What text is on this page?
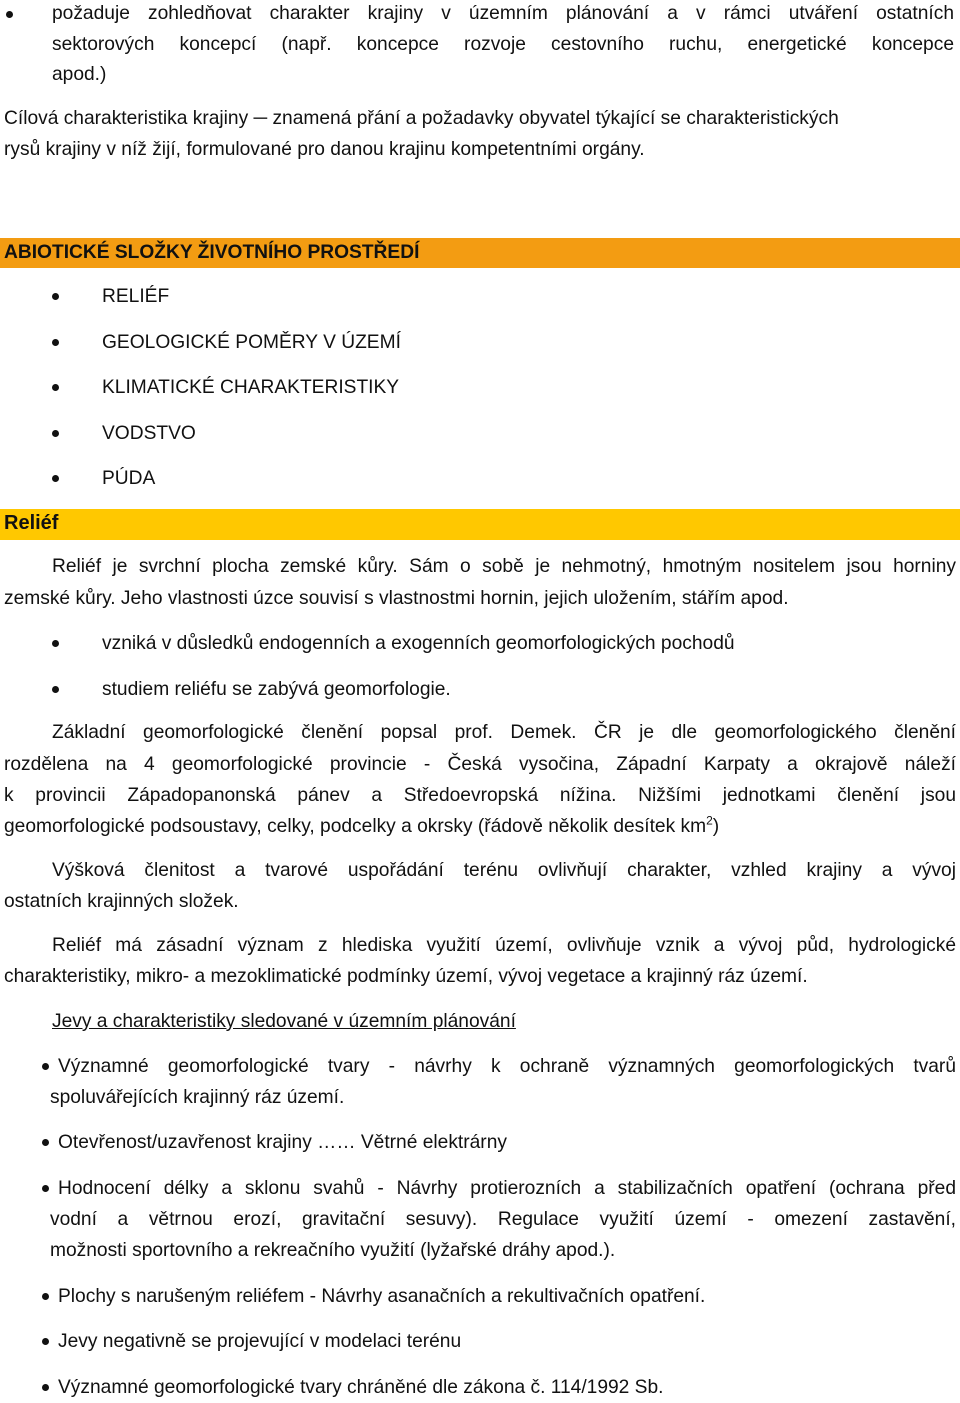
požaduje zohledňovat charakter krajiny v územním plánování a v rámci utváření ostatních

sektorových koncepcí (např. koncepce rozvoje cestovního ruchu, energetické koncepce

apod.)

Cílová charakteristika krajiny ─ znamená přání a požadavky obyvatel týkající se charakteristických

rysů krajiny v níž žijí, formulované pro danou krajinu kompetentními orgány.

ABIOTICKÉ SLOŽKY ŽIVOTNÍHO PROSTŘEDÍ

RELIÉF

GEOLOGICKÉ POMĚRY V ÚZEMÍ

KLIMATICKÉ CHARAKTERISTIKY

VODSTVO

PÚDA

Reliéf

Reliéf je svrchní plocha zemské kůry. Sám o sobě je nehmotný, hmotným nositelem jsou horniny

zemské kůry. Jeho vlastnosti úzce souvisí s vlastnostmi hornin, jejich uložením, stářím apod.

vzniká v důsledků endogenních a exogenních geomorfologických pochodů

studiem reliéfu se zabývá geomorfologie.

Základní geomorfologické členění popsal prof. Demek. ČR je dle geomorfologického členění

rozdělena na 4 geomorfologické provincie - Česká vysočina, Západní Karpaty a okrajově náleží

k provincii Západopanonská pánev a Středoevropská nížina. Nižšími jednotkami členění jsou

geomorfologické podsoustavy, celky, podcelky a okrsky (řádově několik desítek $km^2$)

Výšková členitost a tvarové uspořádání terénu ovlivňují charakter, vzhled krajiny a vývoj

ostatních krajinných složek.

Reliéf má zásadní význam z hlediska využití území, ovlivňuje vznik a vývoj půd, hydrologické

charakteristiky, mikro- a mezoklimatické podmínky území, vývoj vegetace a krajinný ráz území.

Jevy a charakteristiky sledované v územním plánování

Významné geomorfologické tvary - návrhy k ochraně významných geomorfologických tvarů

spoluvářejících krajinný ráz území.

Otevřenost/uzavřenost krajiny …… Větrné elektrárny

Hodnocení délky a sklonu svahů - Návrhy protierozních a stabilizačních opatření (ochrana před

vodní a větrnou erozí, gravitační sesuvy). Regulace využití území - omezení zastavění,

možnosti sportovního a rekreačního využití (lyžařské dráhy apod.).

Plochy s narušeným reliéfem - Návrhy asanačních a rekultivačních opatření.

Jevy negativně se projevující v modelaci terénu

Významné geomorfologické tvary chráněné dle zákona č. 114/1992 Sb.
